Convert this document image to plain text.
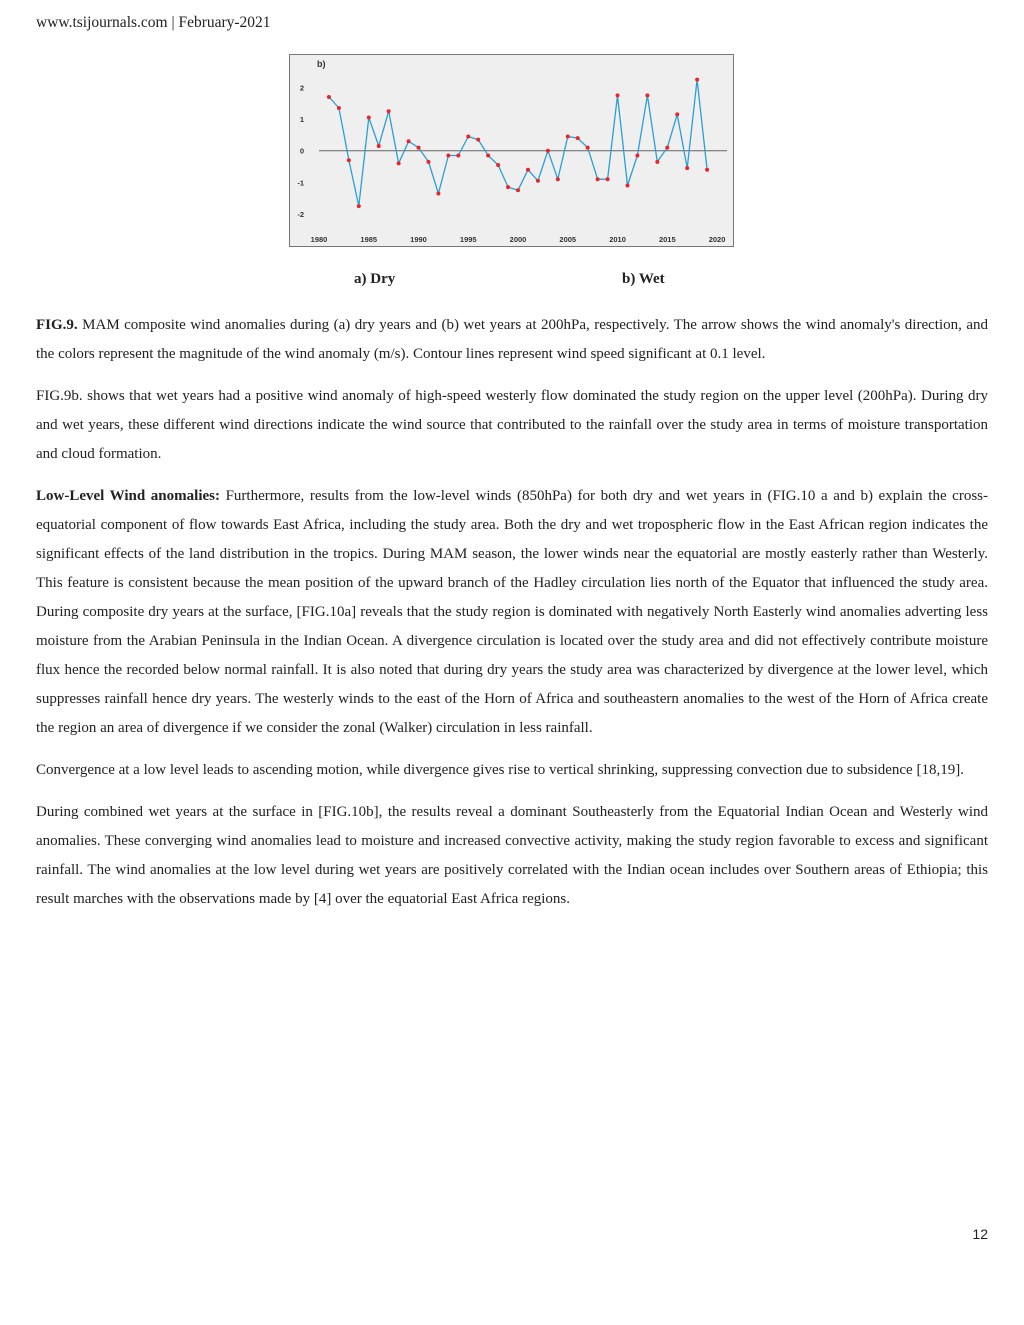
www.tsijournals.com | February-2021
b)
-2
-1
0
1
2
1980	1985	1990	1995	2000	2005	2010	2015	2020
a) Dry	b) Wet

FIG.9. MAM composite wind anomalies during (a) dry years and (b) wet years at 200hPa, respectively. The arrow shows the wind anomaly's direction, and the colors represent the magnitude of the wind anomaly (m/s). Contour lines represent wind speed significant at 0.1 level.

FIG.9b. shows that wet years had a positive wind anomaly of high-speed westerly flow dominated the study region on the upper level (200hPa). During dry and wet years, these different wind directions indicate the wind source that contributed to the rainfall over the study area in terms of moisture transportation and cloud formation.

Low-Level Wind anomalies: Furthermore, results from the low-level winds (850hPa) for both dry and wet years in (FIG.10 a and b) explain the cross-equatorial component of flow towards East Africa, including the study area. Both the dry and wet tropospheric flow in the East African region indicates the significant effects of the land distribution in the tropics. During MAM season, the lower winds near the equatorial are mostly easterly rather than Westerly. This feature is consistent because the mean position of the upward branch of the Hadley circulation lies north of the Equator that influenced the study area. During composite dry years at the surface, [FIG.10a] reveals that the study region is dominated with negatively North Easterly wind anomalies adverting less moisture from the Arabian Peninsula in the Indian Ocean. A divergence circulation is located over the study area and did not effectively contribute moisture flux hence the recorded below normal rainfall. It is also noted that during dry years the study area was characterized by divergence at the lower level, which suppresses rainfall hence dry years. The westerly winds to the east of the Horn of Africa and southeastern anomalies to the west of the Horn of Africa create the region an area of divergence if we consider the zonal (Walker) circulation in less rainfall.

Convergence at a low level leads to ascending motion, while divergence gives rise to vertical shrinking, suppressing convection due to subsidence [18,19].

During combined wet years at the surface in [FIG.10b], the results reveal a dominant Southeasterly from the Equatorial Indian Ocean and Westerly wind anomalies. These converging wind anomalies lead to moisture and increased convective activity, making the study region favorable to excess and significant rainfall. The wind anomalies at the low level during wet years are positively correlated with the Indian ocean includes over Southern areas of Ethiopia; this result marches with the observations made by [4] over the equatorial East Africa regions.

12
